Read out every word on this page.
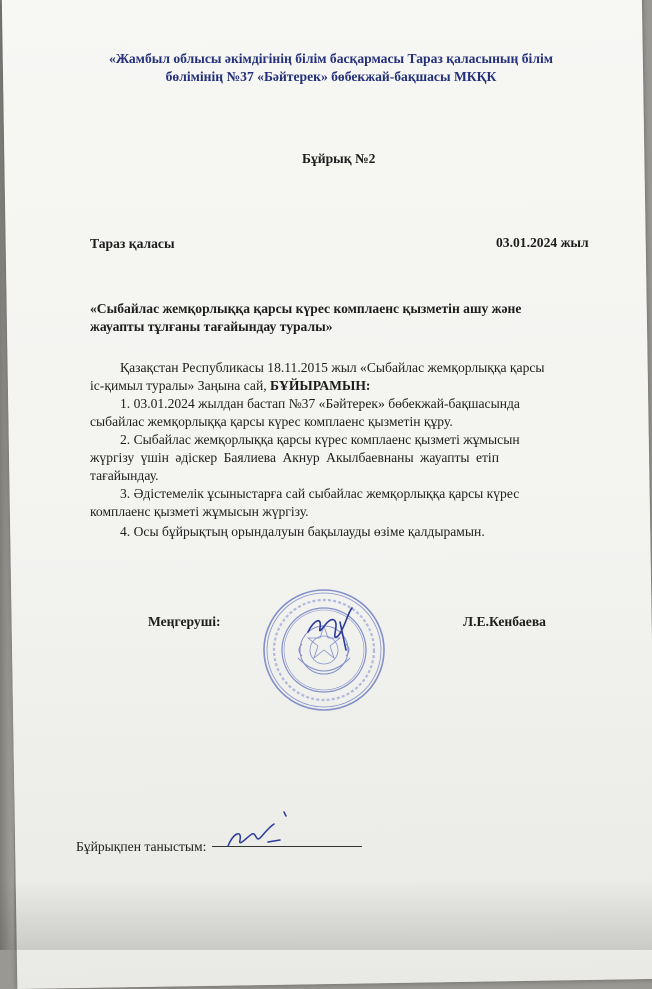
«Жамбыл облысы әкімдігінің білім басқармасы Тараз қаласының білім
бөлімінің №37 «Бәйтерек» бөбекжай-бақшасы МКҚК
Бұйрық №2
Тараз қаласы	03.01.2024 жыл
«Сыбайлас жемқорлыққа қарсы күрес комплаенс қызметін ашу және
жауапты тұлғаны тағайындау туралы»
Қазақстан Республикасы 18.11.2015 жыл «Сыбайлас жемқорлыққа қарсы
іс-қимыл туралы» Заңына сай, БҰЙЫРАМЫН:
1. 03.01.2024 жылдан бастап №37 «Бәйтерек» бөбекжай-бақшасында
сыбайлас жемқорлыққа қарсы күрес комплаенс қызметін құру.
2. Сыбайлас жемқорлыққа қарсы күрес комплаенс қызметі жұмысын
жүргізу үшін әдіскер Баялиева Акнур Акылбаевнаны жауапты етіп
тағайындау.
3. Әдістемелік ұсыныстарға сай сыбайлас жемқорлыққа қарсы күрес
комплаенс қызметі жұмысын жүргізу.
4. Осы бұйрықтың орындалуын бақылауды өзіме қалдырамын.
Меңгеруші:	Л.Е.Кенбаева
Бұйрықпен таныстым:
